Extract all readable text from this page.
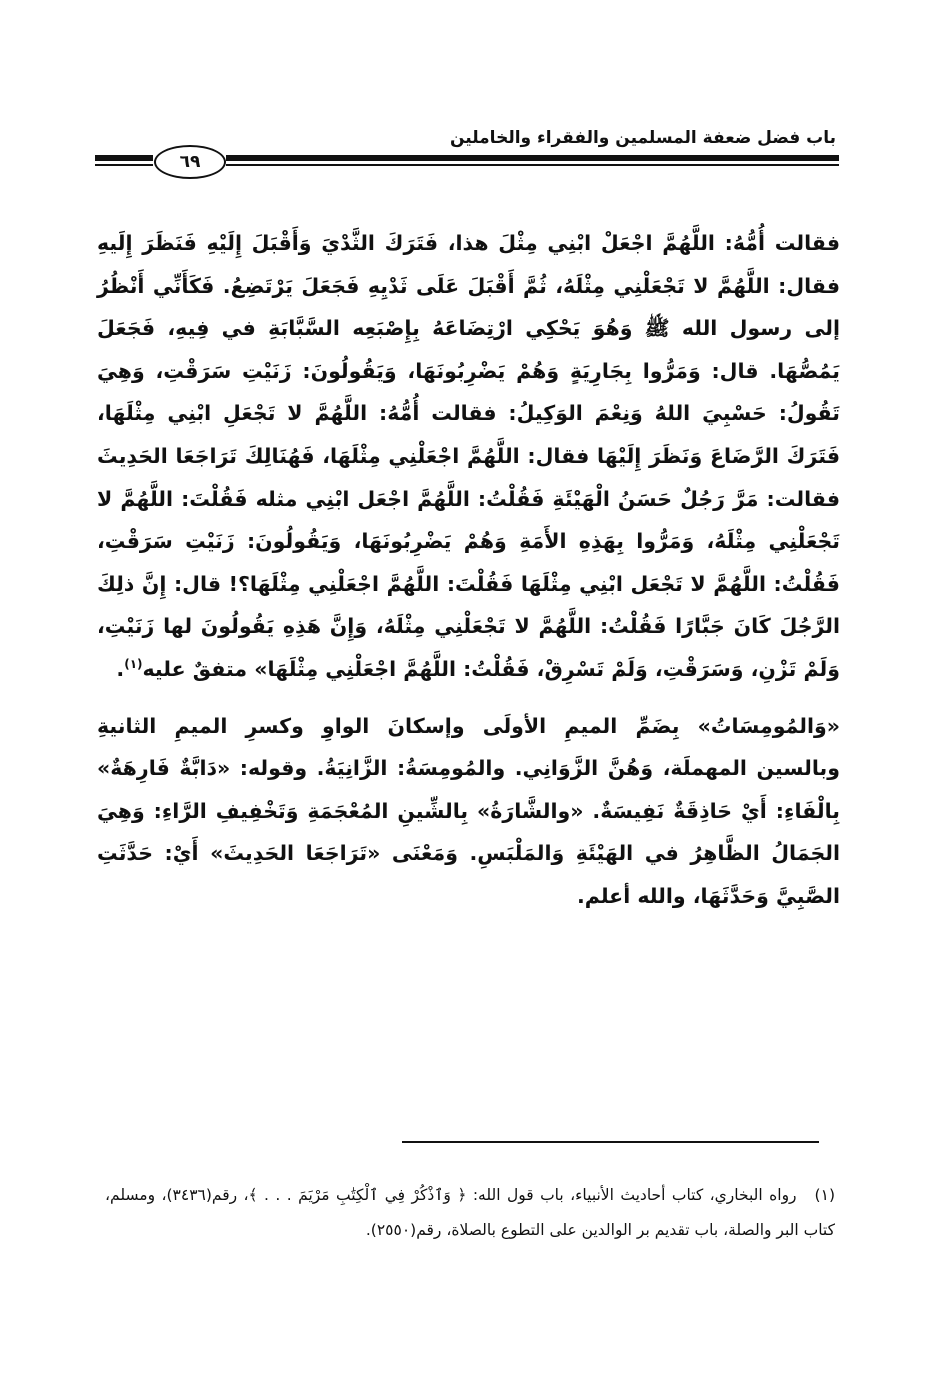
باب فضل ضعفة المسلمين والفقراء والخاملين
٦٩

فقالت أُمُّهُ: اللَّهُمَّ اجْعَلْ ابْنِي مِثْلَ هذا، فَتَرَكَ الثَّدْيَ وَأَقْبَلَ إِلَيْهِ فَنَظَرَ إِلَيهِ فقال: اللَّهُمَّ لا تَجْعَلْنِي مِثْلَهُ، ثُمَّ أَقْبَلَ عَلَى ثَدْيِهِ فَجَعَلَ يَرْتَضِعُ. فَكَأَنِّي أَنْظُرُ إلى رسول الله ﷺ وَهُوَ يَحْكِي ارْتِضَاعَهُ بِإِصْبَعِه السَّبَّابَةِ في فِيهِ، فَجَعَلَ يَمُصُّهَا. قال: وَمَرُّوا بِجَارِيَةٍ وَهُمْ يَضْرِبُونَهَا، وَيَقُولُونَ: زَنَيْتِ سَرَقْتِ، وَهِيَ تَقُولُ: حَسْبِيَ اللهُ وَنِعْمَ الوَكِيلُ: فقالت أُمُّهُ: اللَّهُمَّ لا تَجْعَلِ ابْنِي مِثْلَهَا، فَتَرَكَ الرَّضَاعَ وَنَظَرَ إِلَيْهَا فقال: اللَّهُمَّ اجْعَلْنِي مِثْلَهَا، فَهُنَالِكَ تَرَاجَعَا الحَدِيثَ فقالت: مَرَّ رَجُلٌ حَسَنُ الْهَيْئَةِ فَقُلْتُ: اللَّهُمَّ اجْعَل ابْنِي مثله فَقُلْتَ: اللَّهُمَّ لا تَجْعَلْنِي مِثْلَهُ، وَمَرُّوا بِهَذِهِ الأَمَةِ وَهُمْ يَضْرِبُونَهَا، وَيَقُولُونَ: زَنَيْتِ سَرَقْتِ، فَقُلْتُ: اللَّهُمَّ لا تَجْعَل ابْنِي مِثْلَهَا فَقُلْتَ: اللَّهُمَّ اجْعَلْنِي مِثْلَهَا؟! قال: إِنَّ ذلِكَ الرَّجُلَ كَانَ جَبَّارًا فَقُلْتُ: اللَّهُمَّ لا تَجْعَلْنِي مِثْلَهُ، وَإِنَّ هَذِهِ يَقُولُونَ لها زَنَيْتِ، وَلَمْ تَزْنِ، وَسَرَقْتِ، وَلَمْ تَسْرِقْ، فَقُلْتُ: اللَّهُمَّ اجْعَلْنِي مِثْلَهَا» متفقٌ عليه$^{(١)}$.

«وَالمُومِسَاتُ» بِضَمِّ الميمِ الأولَى وإسكانَ الواوِ وكسرِ الميمِ الثانيةِ وبالسين المهملَة، وَهُنَّ الزَّوَانِي. والمُومِسَةُ: الزَّانِيَةُ. وقوله: «دَابَّةٌ فَارِهَةٌ» بِالْفَاءِ: أَيْ حَاذِقَةٌ نَفِيسَةٌ. «والشَّارَةُ» بِالشِّينِ المُعْجَمَةِ وَتَخْفِيفِ الرَّاءِ: وَهِيَ الجَمَالُ الظَّاهِرُ في الهَيْئَةِ وَالمَلْبَسِ. وَمَعْنَى «تَرَاجَعَا الحَدِيثَ» أَيْ: حَدَّثَتِ الصَّبِيَّ وَحَدَّثَهَا، والله أعلم.

(١)رواه البخاري، كتاب أحاديث الأنبياء، باب قول الله: ﴿ وَٱذْكُرْ فِي ٱلْكِتَٰبِ مَرْيَمَ . . . ﴾، رقم(٣٤٣٦)، ومسلم، كتاب البر والصلة، باب تقديم بر الوالدين على التطوع بالصلاة، رقم(٢٥٥٠).
